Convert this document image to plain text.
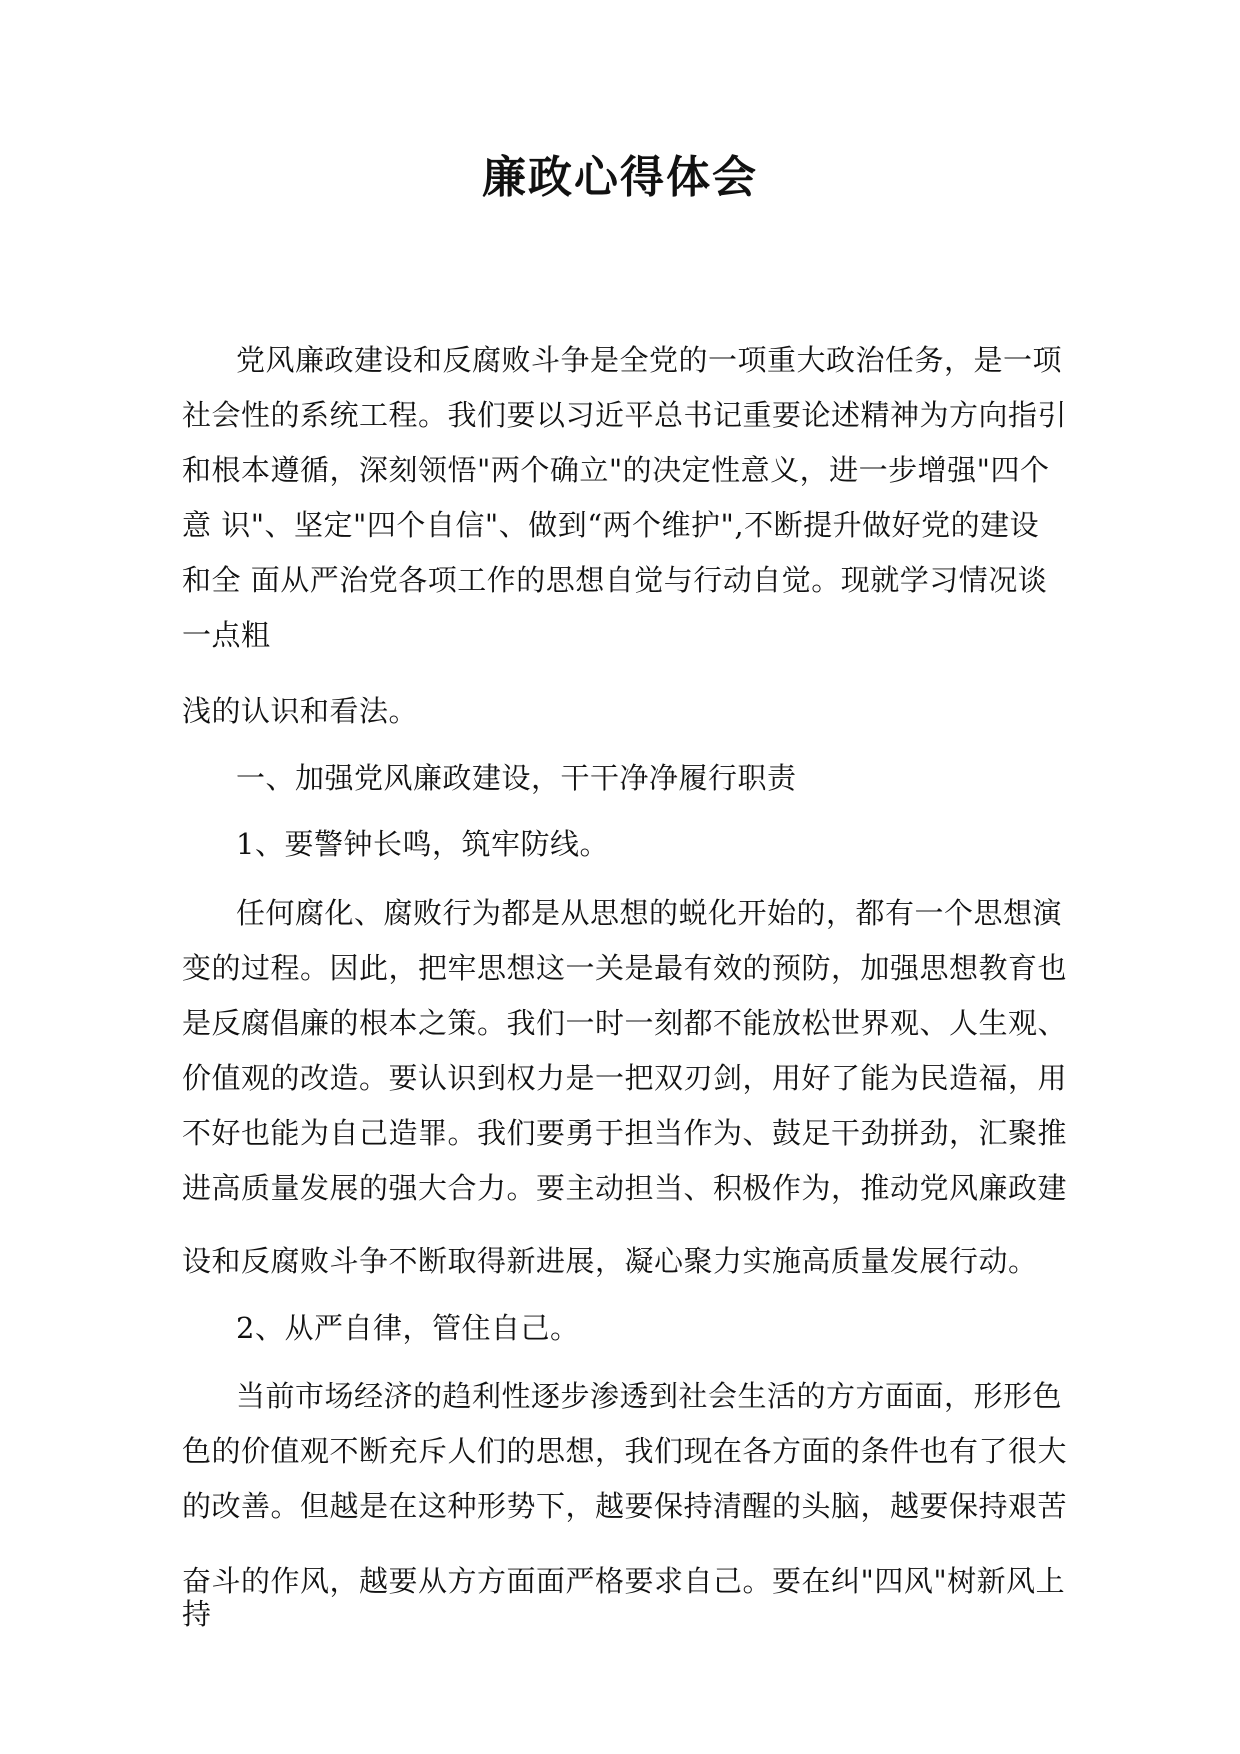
廉政心得体会
党风廉政建设和反腐败斗争是全党的一项重大政治任务，是一项
社会性的系统工程。我们要以习近平总书记重要论述精神为方向指引
和根本遵循，深刻领悟"两个确立"的决定性意义，进一步增强"四个
意 识"、坚定"四个自信"、做到“两个维护",不断提升做好党的建设
和全 面从严治党各项工作的思想自觉与行动自觉。现就学习情况谈
一点粗
浅的认识和看法。
一、加强党风廉政建设，干干净净履行职责
1、要警钟长鸣，筑牢防线。
任何腐化、腐败行为都是从思想的蜕化开始的，都有一个思想演
变的过程。因此，把牢思想这一关是最有效的预防，加强思想教育也
是反腐倡廉的根本之策。我们一时一刻都不能放松世界观、人生观、
价值观的改造。要认识到权力是一把双刃剑，用好了能为民造福，用
不好也能为自己造罪。我们要勇于担当作为、鼓足干劲拼劲，汇聚推
进高质量发展的强大合力。要主动担当、积极作为，推动党风廉政建
设和反腐败斗争不断取得新进展，凝心聚力实施高质量发展行动。
2、从严自律，管住自己。
当前市场经济的趋利性逐步渗透到社会生活的方方面面，形形色
色的价值观不断充斥人们的思想，我们现在各方面的条件也有了很大
的改善。但越是在这种形势下，越要保持清醒的头脑，越要保持艰苦
奋斗的作风，越要从方方面面严格要求自己。要在纠"四风"树新风上
持
